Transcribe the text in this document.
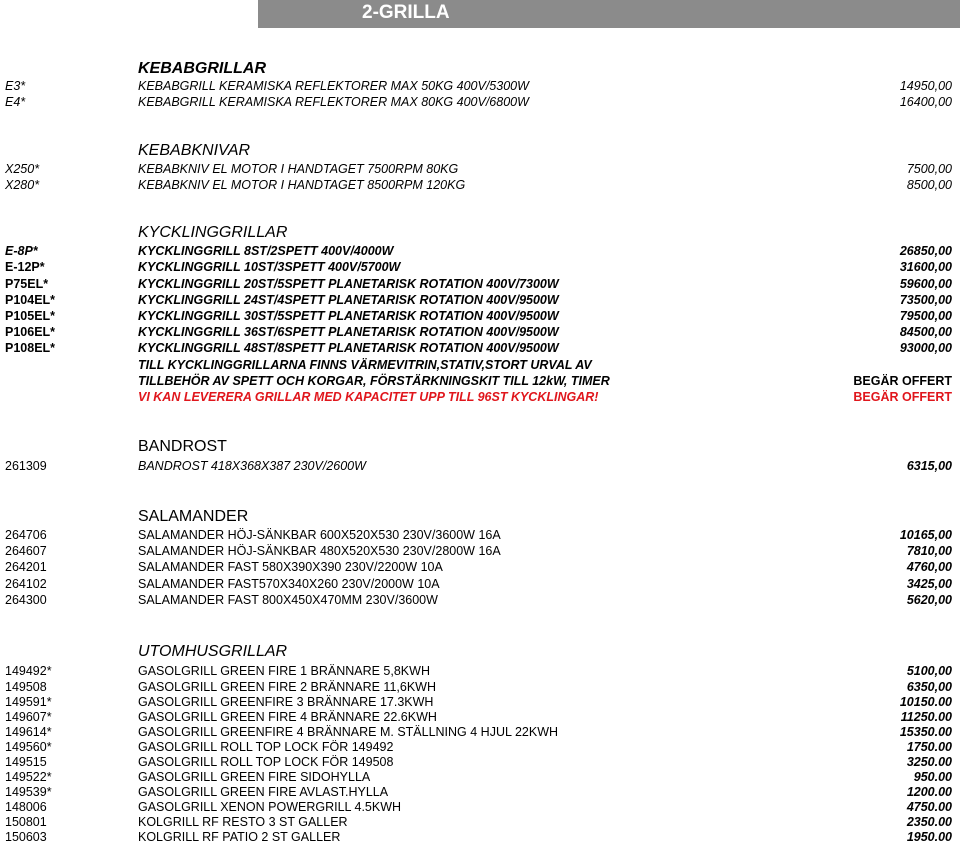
2-GRILLA
KEBABGRILLAR
E3*	KEBABGRILL KERAMISKA REFLEKTORER MAX 50KG 400V/5300W	14950,00
E4*	KEBABGRILL KERAMISKA REFLEKTORER MAX 80KG 400V/6800W	16400,00
KEBABKNIVAR
X250*	KEBABKNIV EL MOTOR I HANDTAGET 7500RPM 80KG	7500,00
X280*	KEBABKNIV EL MOTOR I HANDTAGET 8500RPM 120KG	8500,00
KYCKLINGGRILLAR
E-8P*	KYCKLINGGRILL 8ST/2SPETT 400V/4000W	26850,00
E-12P*	KYCKLINGGRILL 10ST/3SPETT 400V/5700W	31600,00
P75EL*	KYCKLINGGRILL 20ST/5SPETT PLANETARISK ROTATION 400V/7300W	59600,00
P104EL*	KYCKLINGGRILL 24ST/4SPETT PLANETARISK ROTATION 400V/9500W	73500,00
P105EL*	KYCKLINGGRILL 30ST/5SPETT PLANETARISK ROTATION 400V/9500W	79500,00
P106EL*	KYCKLINGGRILL 36ST/6SPETT PLANETARISK ROTATION 400V/9500W	84500,00
P108EL*	KYCKLINGGRILL 48ST/8SPETT PLANETARISK ROTATION 400V/9500W	93000,00
TILL KYCKLINGGRILLARNA FINNS VÄRMEVITRIN,STATIV,STORT URVAL AV
TILLBEHÖR AV SPETT OCH KORGAR, FÖRSTÄRKNINGSKIT TILL 12kW, TIMER	BEGÄR OFFERT
VI KAN LEVERERA GRILLAR MED KAPACITET UPP TILL 96ST KYCKLINGAR!	BEGÄR OFFERT
BANDROST
261309	BANDROST 418X368X387 230V/2600W	6315,00
SALAMANDER
264706	SALAMANDER HÖJ-SÄNKBAR 600X520X530 230V/3600W 16A	10165,00
264607	SALAMANDER HÖJ-SÄNKBAR 480X520X530 230V/2800W 16A	7810,00
264201	SALAMANDER FAST 580X390X390 230V/2200W 10A	4760,00
264102	SALAMANDER FAST570X340X260 230V/2000W 10A	3425,00
264300	SALAMANDER FAST 800X450X470MM 230V/3600W	5620,00
UTOMHUSGRILLAR
149492*	GASOLGRILL GREEN FIRE 1 BRÄNNARE 5,8KWH	5100,00
149508	GASOLGRILL GREEN FIRE 2 BRÄNNARE 11,6KWH	6350,00
149591*	GASOLGRILL GREENFIRE 3 BRÄNNARE 17.3KWH	10150.00
149607*	GASOLGRILL GREEN FIRE 4 BRÄNNARE 22.6KWH	11250.00
149614*	GASOLGRILL GREENFIRE 4 BRÄNNARE M. STÄLLNING 4 HJUL 22KWH	15350.00
149560*	GASOLGRILL ROLL TOP LOCK FÖR 149492	1750.00
149515	GASOLGRILL ROLL TOP LOCK FÖR 149508	3250.00
149522*	GASOLGRILL GREEN FIRE SIDOHYLLA	950.00
149539*	GASOLGRILL GREEN FIRE AVLAST.HYLLA	1200.00
148006	GASOLGRILL XENON POWERGRILL 4.5KWH	4750.00
150801	KOLGRILL RF RESTO 3 ST GALLER	2350.00
150603	KOLGRILL RF PATIO 2 ST GALLER	1950.00
